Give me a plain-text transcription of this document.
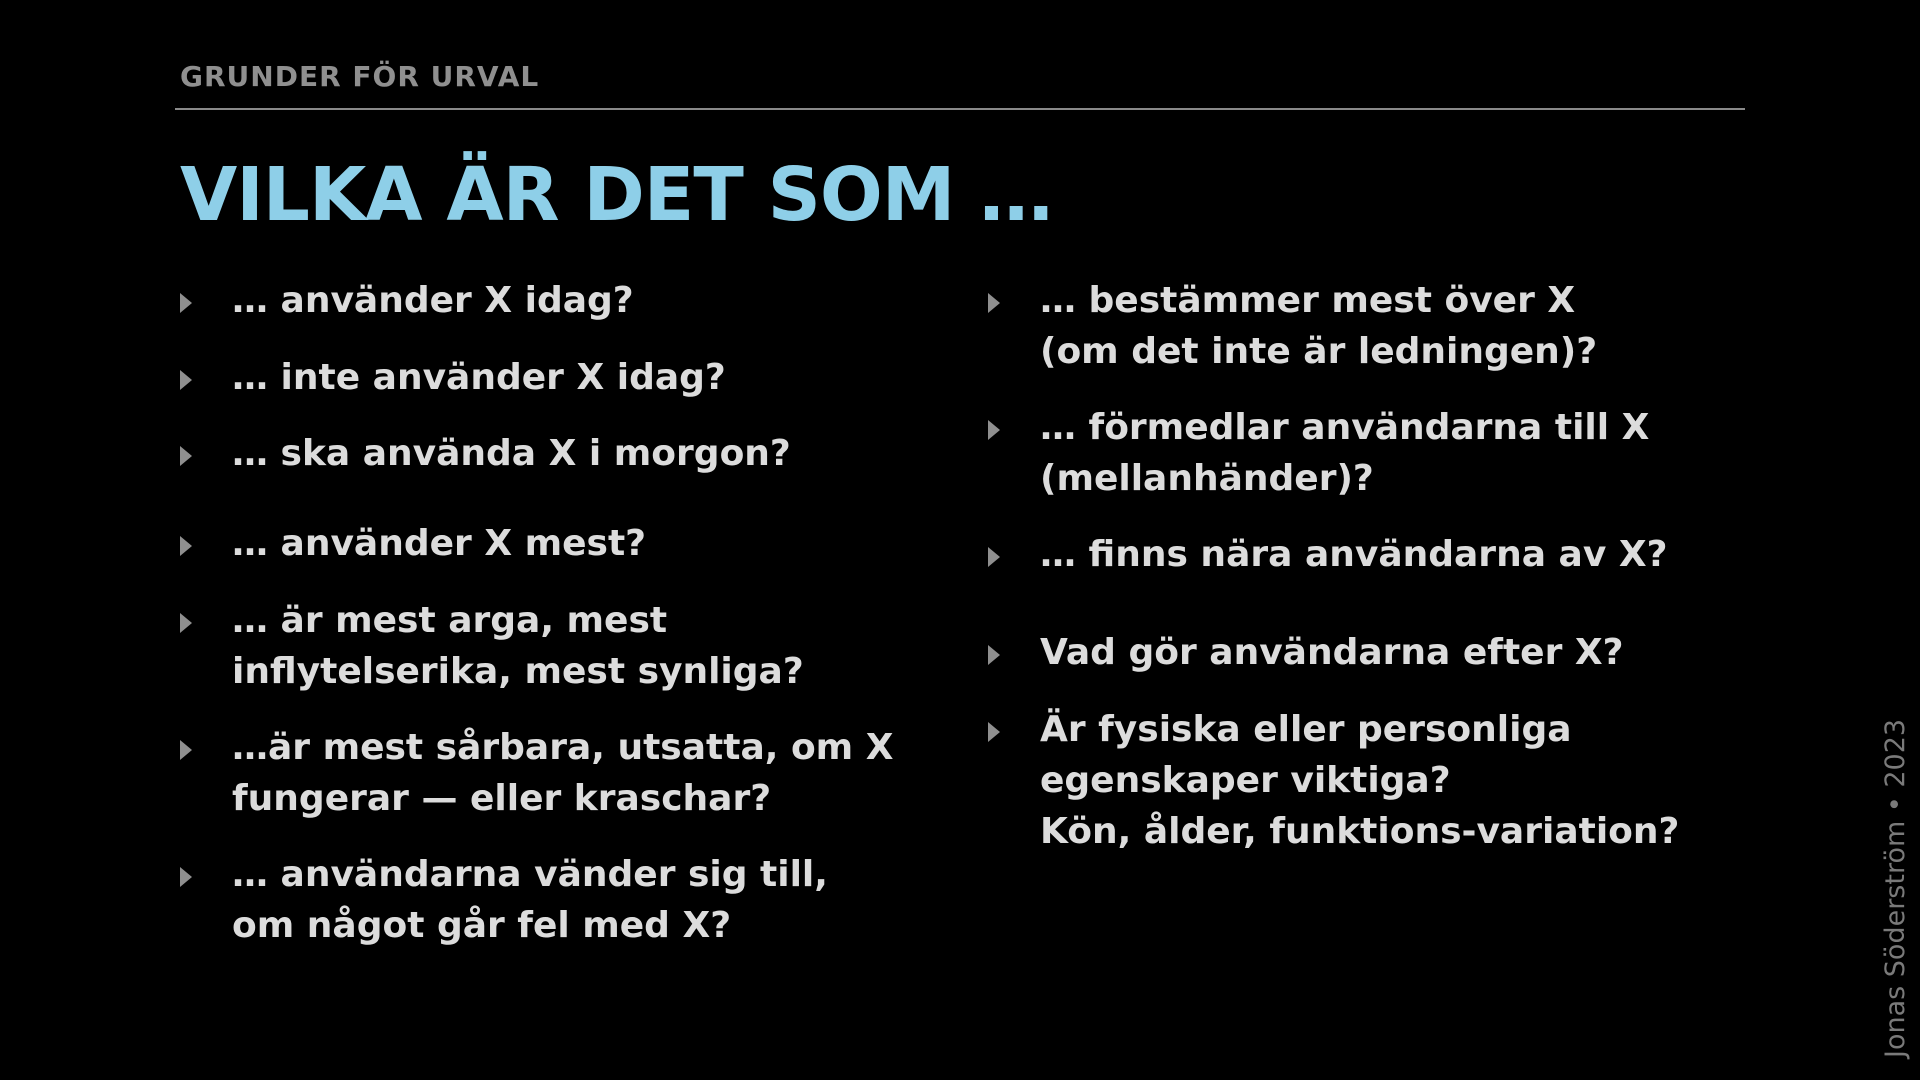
GRUNDER FÖR URVAL
VILKA ÄR DET SOM …
… använder X idag?
… inte använder X idag?
… ska använda X i morgon?
… använder X mest?
… är mest arga, mest
inflytelserika, mest synliga?
…är mest sårbara, utsatta, om X
fungerar — eller kraschar?
… användarna vänder sig till,
om något går fel med X?
… bestämmer mest över X
(om det inte är ledningen)?
… förmedlar användarna till X
(mellanhänder)?
… finns nära användarna av X?
Vad gör användarna efter X?
Är fysiska eller personliga
egenskaper viktiga?
Kön, ålder, funktions-variation?	Jonas Söderström • 2023
